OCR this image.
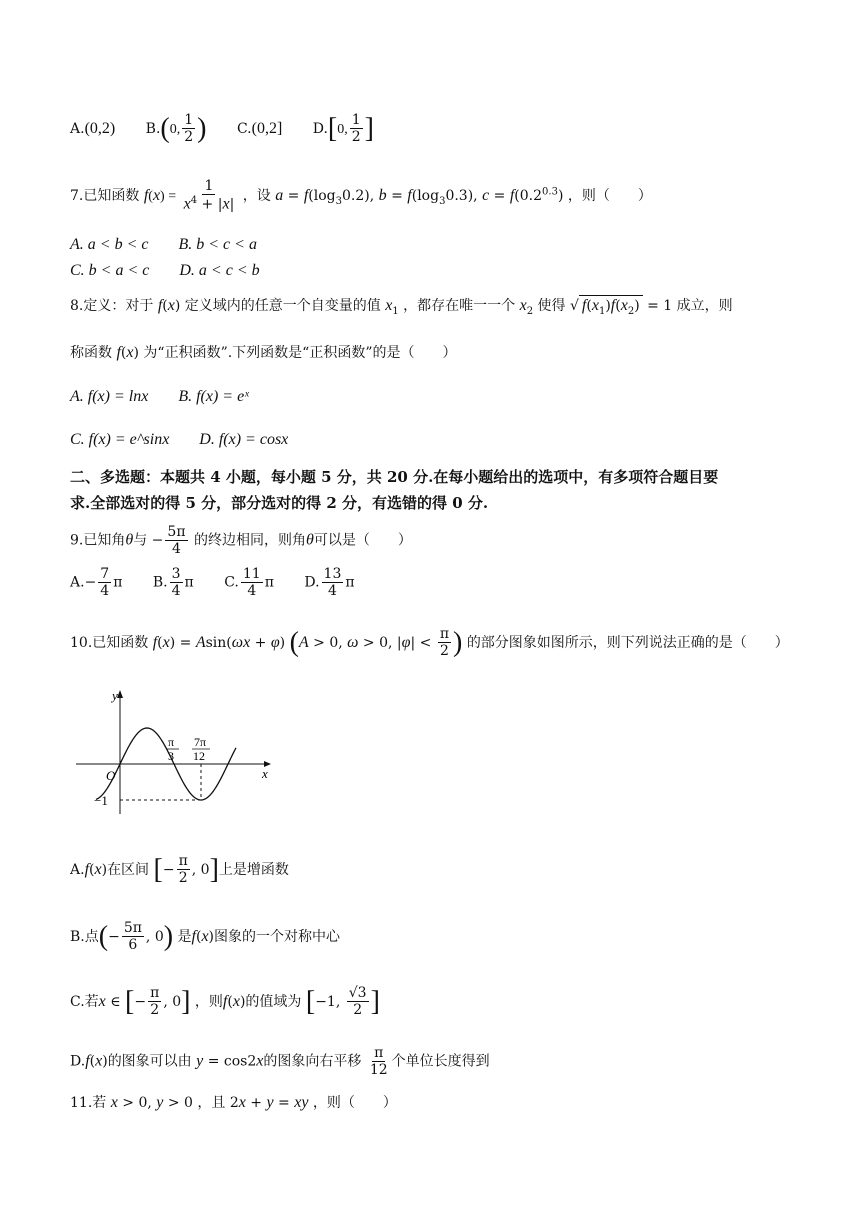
A.(0,2) B.(0, $\frac{1}{2}$ ) C.(0,2] D.[0, $\frac{1}{2}$ ]
7.已知函数 $f(x) = \frac{1}{x^4 + |x|}$ ，设 $a = f(\log_30.2)$, $b = f(\log_30.3)$, $c = f(0.2^{0.3})$ ，则（　　）
A. a < b < c B. b < c < a
C. b < a < c D. a < c < b
8.定义：对于 f(x) 定义域内的任意一个自变量的值 $x_1$ ，都存在唯一一个 $x_2$ 使得 √ $f(x_1)f(x_2) = 1$ 成立，则
称函数 f(x) 为“正积函数”.下列函数是“正积函数”的是（　　）
A. f(x) = lnx B. f(x) = eˣ
C. f(x) = e^sinx D. f(x) = cosx
二、多选题：本题共 4 小题，每小题 5 分，共 20 分.在每小题给出的选项中，有多项符合题目要
求.全部选对的得 5 分，部分选对的得 2 分，有选错的得 0 分.
9.已知角θ与 − $\frac{5\pi}{4}$ 的终边相同，则角θ可以是（　　）
$A.- \frac{7}{4}$ π B. $\frac{3}{4}$ π C. $\frac{11}{4}$ π D. $\frac{13}{4}$ π
10.已知函数 f(x) = Asin(ωx + φ) (A > 0, ω > 0, $|\varphi| < \frac{\pi}{2}$ ) 的部分图象如图所示，则下列说法正确的是（　　）
y
x
O
−1
π
3
7π
12
A.f(x)在区间 [− $\frac{\pi}{2}$ , 0]上是增函数
B.点(− $\frac{5\pi}{6}$ , 0) 是f(x)图象的一个对称中心
C.若x ∈ [− $\frac{\pi}{2}$ , 0] ，则f(x)的值域为 [−1, $\frac{√3}{2}$ ]
D.f(x)的图象可以由 y = cos2x的图象向右平移 $\frac{\pi}{12}$ 个单位长度得到
11.若 x > 0, y > 0 ，且 2x + y = xy ，则（　　）
